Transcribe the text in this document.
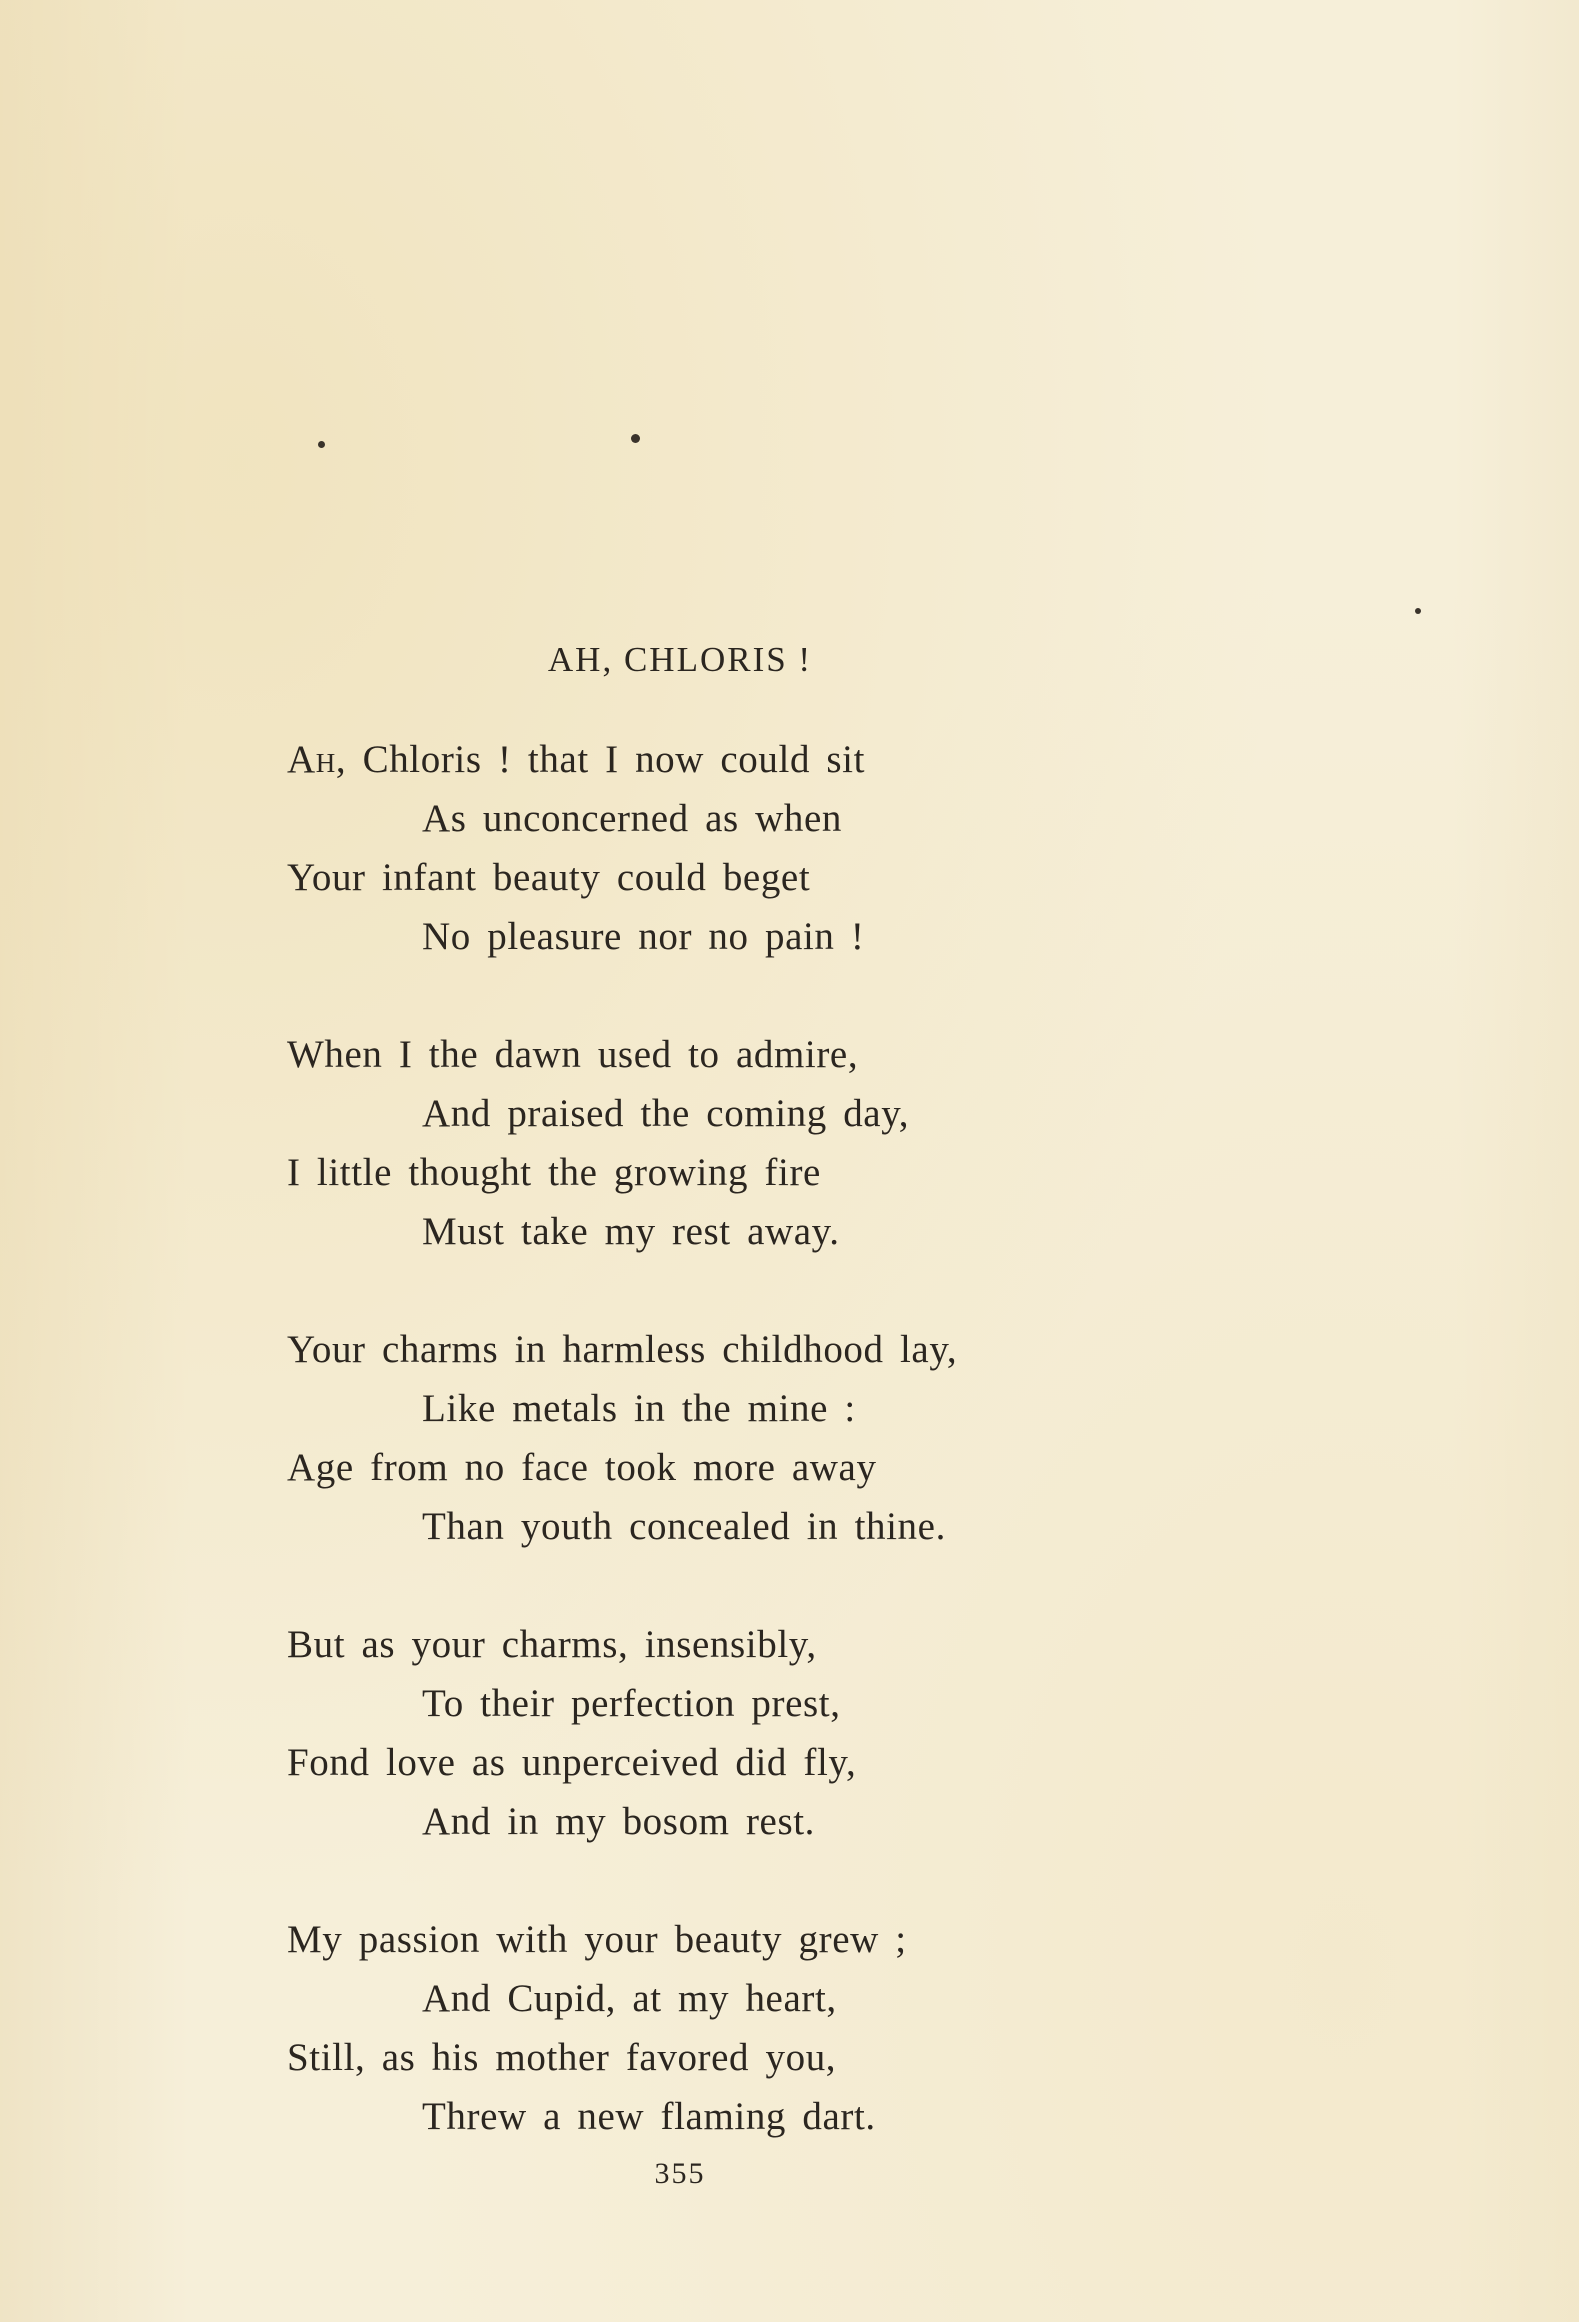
AH, CHLORIS !
Ah, Chloris ! that I now could sit
As unconcerned as when
Your infant beauty could beget
No pleasure nor no pain !
When I the dawn used to admire,
And praised the coming day,
I little thought the growing fire
Must take my rest away.
Your charms in harmless childhood lay,
Like metals in the mine :
Age from no face took more away
Than youth concealed in thine.
But as your charms, insensibly,
To their perfection prest,
Fond love as unperceived did fly,
And in my bosom rest.
My passion with your beauty grew ;
And Cupid, at my heart,
Still, as his mother favored you,
Threw a new flaming dart.
355
